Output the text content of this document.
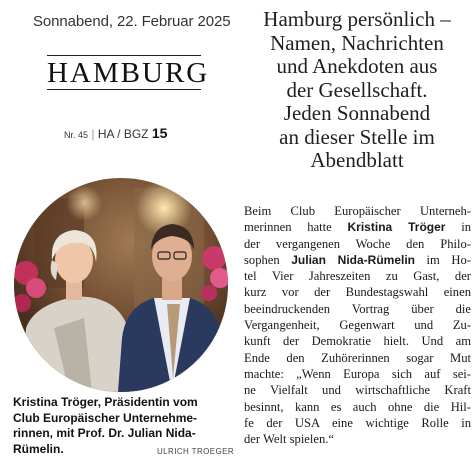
Sonnabend, 22. Februar 2025
HAMBURG
Nr. 45 | HA / BGZ 15
Kristina Tröger, Präsidentin vom
Club Europäischer Unternehme-
rinnen, mit Prof. Dr. Julian Nida-
Rümelin.	ULRICH TROEGER
Hamburg persönlich –
Namen, Nachrichten
und Anekdoten aus
der Gesellschaft.
Jeden Sonnabend
an dieser Stelle im
Abendblatt
Beim Club Europäischer Unterneh-
merinnen hatte Kristina Tröger in
der vergangenen Woche den Philo-
sophen Julian Nida-Rümelin im Ho-
tel Vier Jahreszeiten zu Gast, der
kurz vor der Bundestagswahl einen
beeindruckenden Vortrag über die
Vergangenheit, Gegenwart und Zu-
kunft der Demokratie hielt. Und am
Ende den Zuhörerinnen sogar Mut
machte: „Wenn Europa sich auf sei-
ne Vielfalt und wirtschaftliche Kraft
besinnt, kann es auch ohne die Hil-
fe der USA eine wichtige Rolle in
der Welt spielen.“
